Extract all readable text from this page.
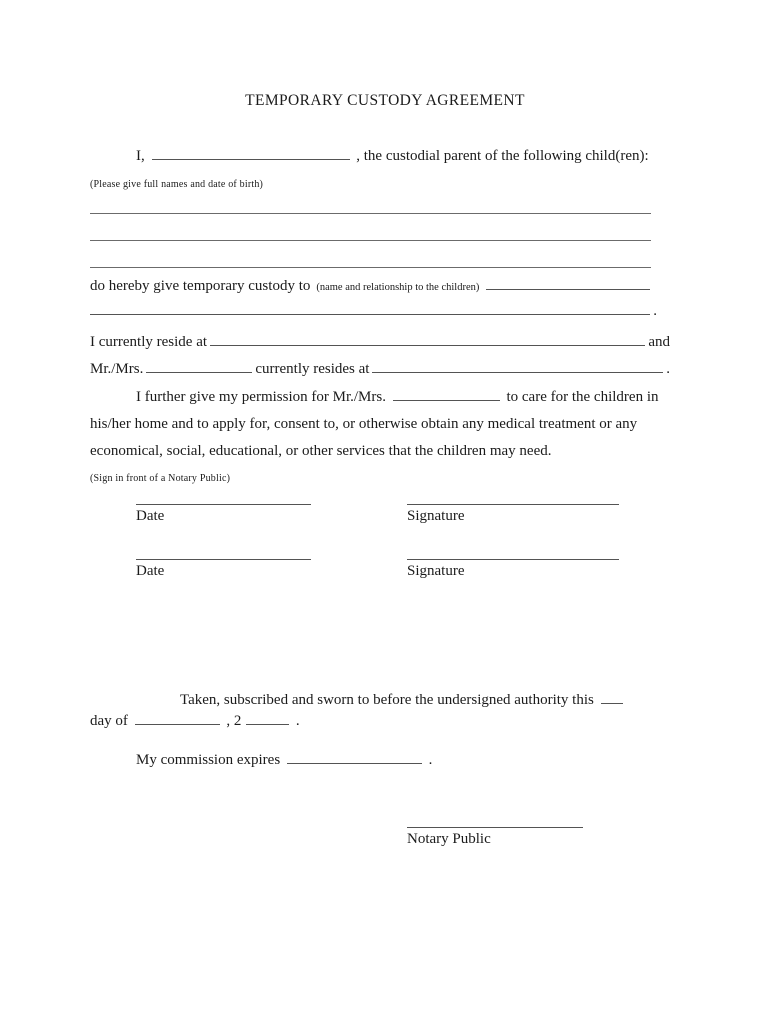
TEMPORARY CUSTODY AGREEMENT
I,	, the custodial parent of the following child(ren):
(Please give full names and date of birth)
do hereby give temporary custody to (name and relationship to the children)
.
I currently reside at	and
Mr./Mrs.	currently resides at	.
I further give my permission for Mr./Mrs.	to care for the children in
his/her home and to apply for, consent to, or otherwise obtain any medical treatment or any
economical, social, educational, or other services that the children may need.
(Sign in front of a Notary Public)
Date	Signature
Date	Signature
Taken, subscribed and sworn to before the undersigned authority this
day of	, 2	.
My commission expires	.
Notary Public
